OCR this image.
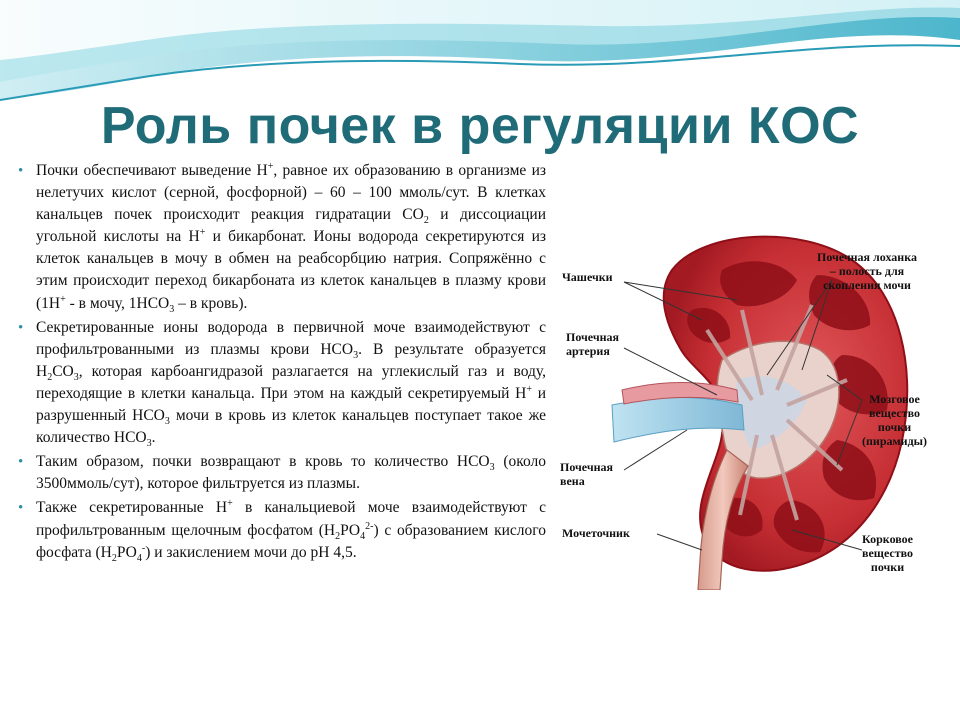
Роль почек в регуляции КОС
• Почки обеспечивают выведение Н+, равное их образованию в организме из нелетучих кислот (серной, фосфорной) – 60 – 100 ммоль/сут. В клетках канальцев почек происходит реакция гидратации $СО_2$ и диссоциации угольной кислоты на Н+ и бикарбонат. Ионы водорода секретируются из клеток канальцев в мочу в обмен на реабсорбцию натрия. Сопряжённо с этим происходит переход бикарбоната из клеток канальцев в плазму крови (1Н+ - в мочу, $1НСО_3$ – в кровь).

• Секретированные ионы водорода в первичной моче взаимодействуют с профильтрованными из плазмы крови $НСО_3$. В результате образуется $Н_2СО_3$, которая карбоангидразой разлагается на углекислый газ и воду, переходящие в клетки канальца. При этом на каждый секретируемый Н+ и разрушенный $НСО_3$ мочи в кровь из клеток канальцев поступает такое же количество $НСО_3$.

• Таким образом, почки возвращают в кровь то количество $НСО_3$ (около 3500ммоль/сут), которое фильтруется из плазмы.

• Также секретированные Н+ в канальциевой моче взаимодействуют с профильтрованным щелочным фосфатом $(Н_2РО_4^{2-})$ с образованием кислого фосфата $(Н_2РО_4^-)$ и закислением мочи до рН 4,5.

Чашечки
Почечная лоханка
– полость для
скопления мочи
Почечная
артерия
Мозговое
вещество
почки
(пирамиды)
Почечная
вена
Мочеточник	Корковое
вещество
почки
